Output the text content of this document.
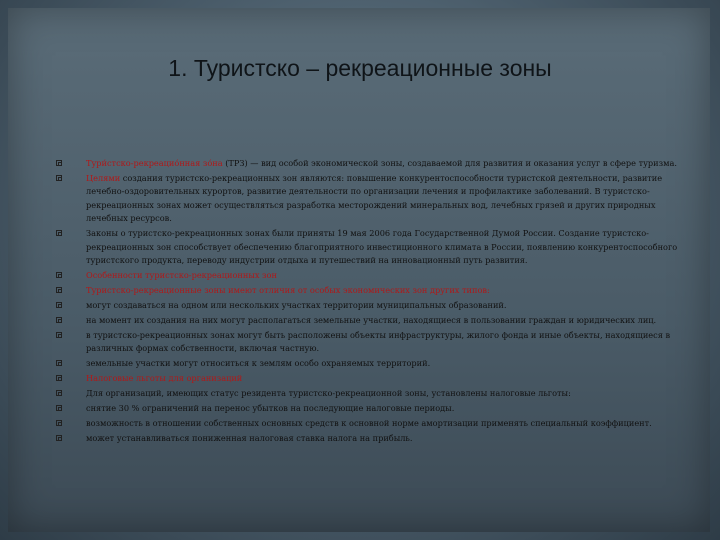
1. Туристско – рекреационные зоны
Тури́стско-рекреацио́нная зо́на (ТРЗ) — вид особой экономической зоны, создаваемой для развития и оказания услуг в сфере туризма.
Целями создания туристско-рекреационных зон являются: повышение конкурентоспособности туристской деятельности, развитие лечебно-оздоровительных курортов, развитие деятельности по организации лечения и профилактике заболеваний. В туристско-рекреационных зонах может осуществляться разработка месторождений минеральных вод, лечебных грязей и других природных лечебных ресурсов.
Законы о туристско-рекреационных зонах были приняты 19 мая 2006 года Государственной Думой России. Создание туристско-рекреационных зон способствует обеспечению благоприятного инвестиционного климата в России, появлению конкурентоспособного туристского продукта, переводу индустрии отдыха и путешествий на инновационный путь развития.
Особенности туристско-рекреационных зон
Туристско-рекреационные зоны имеют отличия от особых экономических зон других типов:
могут создаваться на одном или нескольких участках территории муниципальных образований.
на момент их создания на них могут располагаться земельные участки, находящиеся в пользовании граждан и юридических лиц.
в туристско-рекреационных зонах могут быть расположены объекты инфраструктуры, жилого фонда и иные объекты, находящиеся в различных формах собственности, включая частную.
земельные участки могут относиться к землям особо охраняемых территорий.
Налоговые льготы для организаций
Для организаций, имеющих статус резидента туристско-рекреационной зоны, установлены налоговые льготы:
снятие 30 % ограничений на перенос убытков на последующие налоговые периоды.
возможность в отношении собственных основных средств к основной норме амортизации применять специальный коэффициент.
может устанавливаться пониженная налоговая ставка налога на прибыль.
